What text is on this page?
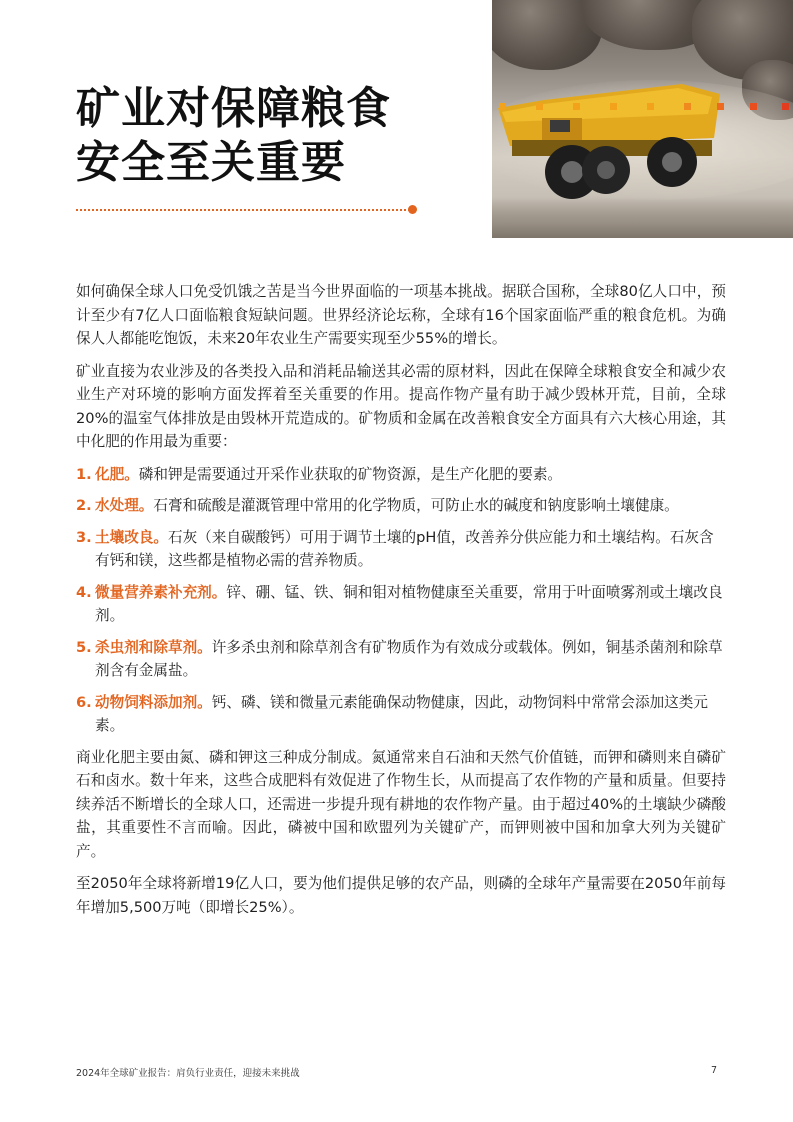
矿业对保障粮食
安全至关重要

如何确保全球人口免受饥饿之苦是当今世界面临的一项基本挑战。据联合国称，全球80亿人口中，预计至少有7亿人口面临粮食短缺问题。世界经济论坛称，全球有16个国家面临严重的粮食危机。为确保人人都能吃饱饭，未来20年农业生产需要实现至少55%的增长。

矿业直接为农业涉及的各类投入品和消耗品输送其必需的原材料，因此在保障全球粮食安全和减少农业生产对环境的影响方面发挥着至关重要的作用。提高作物产量有助于减少毁林开荒，目前，全球20%的温室气体排放是由毁林开荒造成的。矿物质和金属在改善粮食安全方面具有六大核心用途，其中化肥的作用最为重要：

1. 化肥。磷和钾是需要通过开采作业获取的矿物资源，是生产化肥的要素。
2. 水处理。石膏和硫酸是灌溉管理中常用的化学物质，可防止水的碱度和钠度影响土壤健康。
3. 土壤改良。石灰（来自碳酸钙）可用于调节土壤的pH值，改善养分供应能力和土壤结构。石灰含有钙和镁，这些都是植物必需的营养物质。
4. 微量营养素补充剂。锌、硼、锰、铁、铜和钼对植物健康至关重要，常用于叶面喷雾剂或土壤改良剂。
5. 杀虫剂和除草剂。许多杀虫剂和除草剂含有矿物质作为有效成分或载体。例如，铜基杀菌剂和除草剂含有金属盐。
6. 动物饲料添加剂。钙、磷、镁和微量元素能确保动物健康，因此，动物饲料中常常会添加这类元素。

商业化肥主要由氮、磷和钾这三种成分制成。氮通常来自石油和天然气价值链，而钾和磷则来自磷矿石和卤水。数十年来，这些合成肥料有效促进了作物生长，从而提高了农作物的产量和质量。但要持续养活不断增长的全球人口，还需进一步提升现有耕地的农作物产量。由于超过40%的土壤缺少磷酸盐，其重要性不言而喻。因此，磷被中国和欧盟列为关键矿产，而钾则被中国和加拿大列为关键矿产。

至2050年全球将新增19亿人口，要为他们提供足够的农产品，则磷的全球年产量需要在2050年前每年增加5,500万吨（即增长25%）。

2024年全球矿业报告：肩负行业责任，迎接未来挑战	7
